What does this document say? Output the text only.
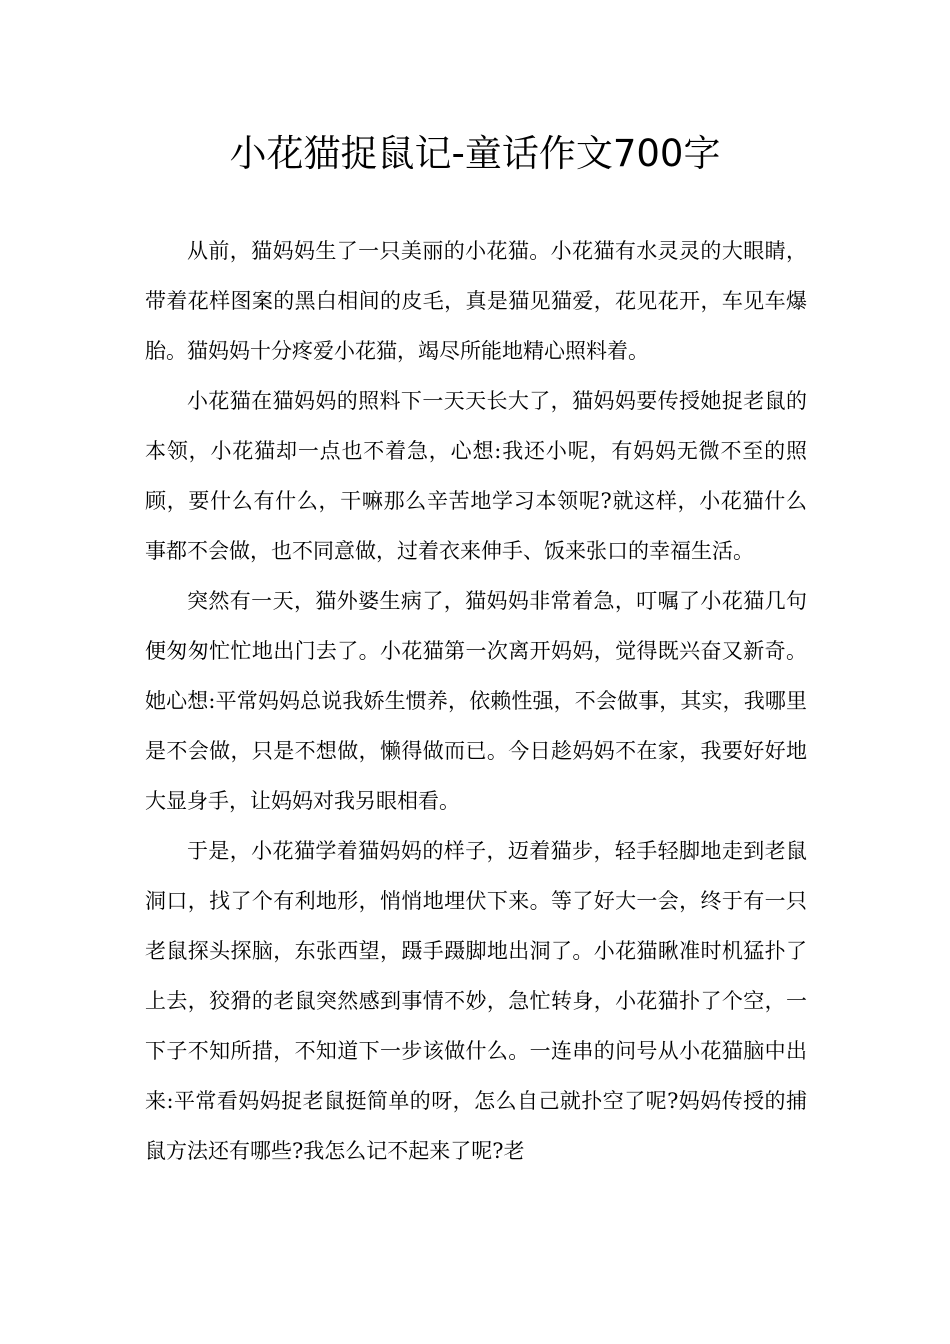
小花猫捉鼠记-童话作文700字

从前，猫妈妈生了一只美丽的小花猫。小花猫有水灵灵的大眼睛，带着花样图案的黑白相间的皮毛，真是猫见猫爱，花见花开，车见车爆胎。猫妈妈十分疼爱小花猫，竭尽所能地精心照料着。

小花猫在猫妈妈的照料下一天天长大了，猫妈妈要传授她捉老鼠的本领，小花猫却一点也不着急，心想:我还小呢，有妈妈无微不至的照顾，要什么有什么，干嘛那么辛苦地学习本领呢?就这样，小花猫什么事都不会做，也不同意做，过着衣来伸手、饭来张口的幸福生活。

突然有一天，猫外婆生病了，猫妈妈非常着急，叮嘱了小花猫几句便匆匆忙忙地出门去了。小花猫第一次离开妈妈，觉得既兴奋又新奇。她心想:平常妈妈总说我娇生惯养，依赖性强，不会做事，其实，我哪里是不会做，只是不想做，懒得做而已。今日趁妈妈不在家，我要好好地大显身手，让妈妈对我另眼相看。

于是，小花猫学着猫妈妈的样子，迈着猫步，轻手轻脚地走到老鼠洞口，找了个有利地形，悄悄地埋伏下来。等了好大一会，终于有一只老鼠探头探脑，东张西望，蹑手蹑脚地出洞了。小花猫瞅准时机猛扑了上去，狡猾的老鼠突然感到事情不妙，急忙转身，小花猫扑了个空，一下子不知所措，不知道下一步该做什么。一连串的问号从小花猫脑中出来:平常看妈妈捉老鼠挺简单的呀，怎么自己就扑空了呢?妈妈传授的捕鼠方法还有哪些?我怎么记不起来了呢?老
